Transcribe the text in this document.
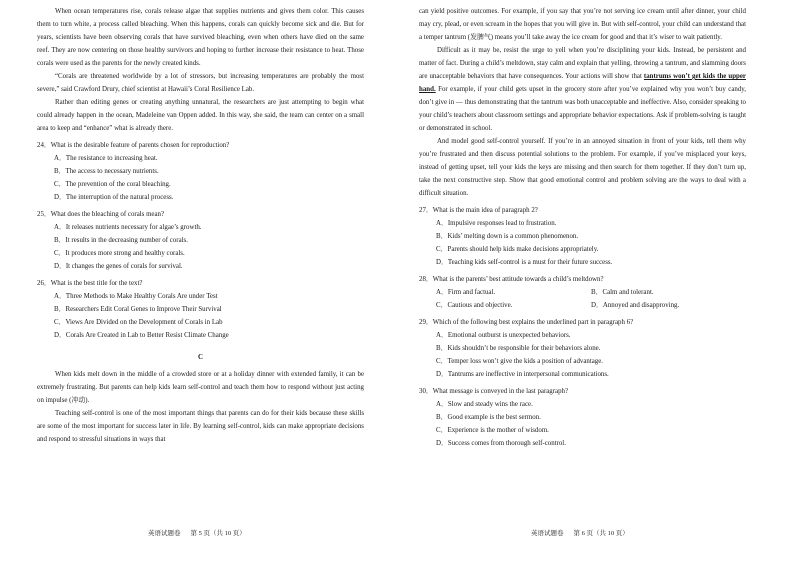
When ocean temperatures rise, corals release algae that supplies nutrients and gives them color. This causes them to turn white, a process called bleaching. When this happens, corals can quickly become sick and die. But for years, scientists have been observing corals that have survived bleaching, even when others have died on the same reef. They are now centering on those healthy survivors and hoping to further increase their resistance to heat. Those corals were used as the parents for the newly created kinds.

“Corals are threatened worldwide by a lot of stressors, but increasing temperatures are probably the most severe,” said Crawford Drury, chief scientist at Hawaii’s Coral Resilience Lab.

Rather than editing genes or creating anything unnatural, the researchers are just attempting to begin what could already happen in the ocean, Madeleine van Oppen added. In this way, she said, the team can center on a small area to keep and “enhance” what is already there.

24．What is the desirable feature of parents chosen for reproduction?

A．The resistance to increasing heat.
B．The access to necessary nutrients.
C．The prevention of the coral bleaching.
D．The interruption of the natural process.

25．What does the bleaching of corals mean?

A．It releases nutrients necessary for algae’s growth.
B．It results in the decreasing number of corals.
C．It produces more strong and healthy corals.
D．It changes the genes of corals for survival.

26．What is the best title for the text?

A．Three Methods to Make Healthy Corals Are under Test
B．Researchers Edit Coral Genes to Improve Their Survival
C．Views Are Divided on the Development of Corals in Lab
D．Corals Are Created in Lab to Better Resist Climate Change
C

When kids melt down in the middle of a crowded store or at a holiday dinner with extended family, it can be extremely frustrating. But parents can help kids learn self-control and teach them how to respond without just acting on impulse (冲动).

Teaching self-control is one of the most important things that parents can do for their kids because these skills are some of the most important for success later in life. By learning self-control, kids can make appropriate decisions and respond to stressful situations in ways that

can yield positive outcomes. For example, if you say that you’re not serving ice cream until after dinner, your child may cry, plead, or even scream in the hopes that you will give in. But with self-control, your child can understand that a temper tantrum (发脾气) means you’ll take away the ice cream for good and that it’s wiser to wait patiently.

Difficult as it may be, resist the urge to yell when you’re disciplining your kids. Instead, be persistent and matter of fact. During a child’s meltdown, stay calm and explain that yelling, throwing a tantrum, and slamming doors are unacceptable behaviors that have consequences. Your actions will show that tantrums won’t get kids the upper hand. For example, if your child gets upset in the grocery store after you’ve explained why you won’t buy candy, don’t give in — thus demonstrating that the tantrum was both unacceptable and ineffective. Also, consider speaking to your child’s teachers about classroom settings and appropriate behavior expectations. Ask if problem-solving is taught or demonstrated in school.

And model good self-control yourself. If you’re in an annoyed situation in front of your kids, tell them why you’re frustrated and then discuss potential solutions to the problem. For example, if you’ve misplaced your keys, instead of getting upset, tell your kids the keys are missing and then search for them together. If they don’t turn up, take the next constructive step. Show that good emotional control and problem solving are the ways to deal with a difficult situation.

27．What is the main idea of paragraph 2?

A．Impulsive responses lead to frustration.
B．Kids’ melting down is a common phenomenon.
C．Parents should help kids make decisions appropriately.
D．Teaching kids self-control is a must for their future success.

28．What is the parents’ best attitude towards a child’s meltdown?

A．Firm and factual.	B．Calm and tolerant.
C．Cautious and objective.	D．Annoyed and disapproving.

29．Which of the following best explains the underlined part in paragraph 6?

A．Emotional outburst is unexpected behaviors.
B．Kids shouldn’t be responsible for their behaviors alone.
C．Temper loss won’t give the kids a position of advantage.
D．Tantrums are ineffective in interpersonal communications.

30．What message is conveyed in the last paragraph?

A．Slow and steady wins the race.
B．Good example is the best sermon.
C．Experience is the mother of wisdom.
D．Success comes from thorough self-control.
英语试题卷 第 5 页（共 10 页）	英语试题卷 第 6 页（共 10 页）
